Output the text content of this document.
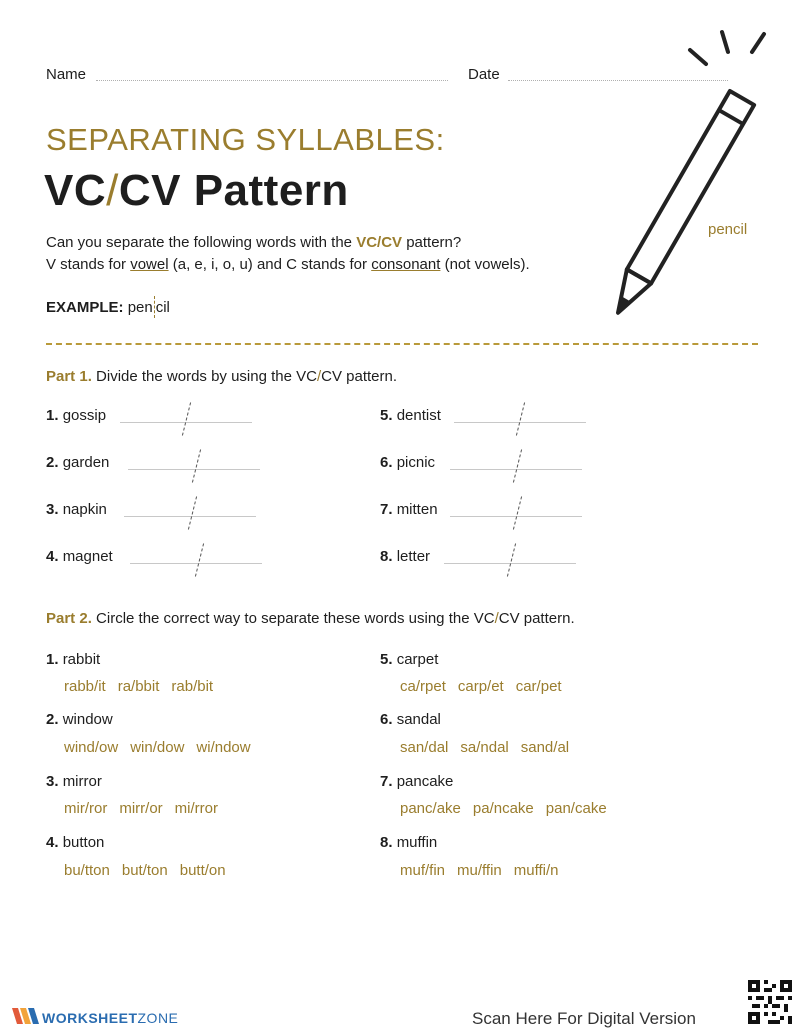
Name	Date
SEPARATING SYLLABLES:
VC/CV Pattern
pencil
Can you separate the following words with the VC/CV pattern?
V stands for vowel (a, e, i, o, u) and C stands for consonant (not vowels).
EXAMPLE: pen cil
Part 1. Divide the words by using the VC/CV pattern.
1. gossip
2. garden
3. napkin
4. magnet
5. dentist
6. picnic
7. mitten
8. letter
Part 2. Circle the correct way to separate these words using the VC/CV pattern.
1. rabbit
rabb/it ra/bbit rab/bit
2. window
wind/ow win/dow wi/ndow
3. mirror
mir/ror mirr/or mi/rror
4. button
bu/tton but/ton butt/on
5. carpet
ca/rpet carp/et car/pet
6. sandal
san/dal sa/ndal sand/al
7. pancake
panc/ake pa/ncake pan/cake
8. muffin
muf/fin mu/ffin muffi/n
WORKSHEETZONE	Scan Here For Digital Version
